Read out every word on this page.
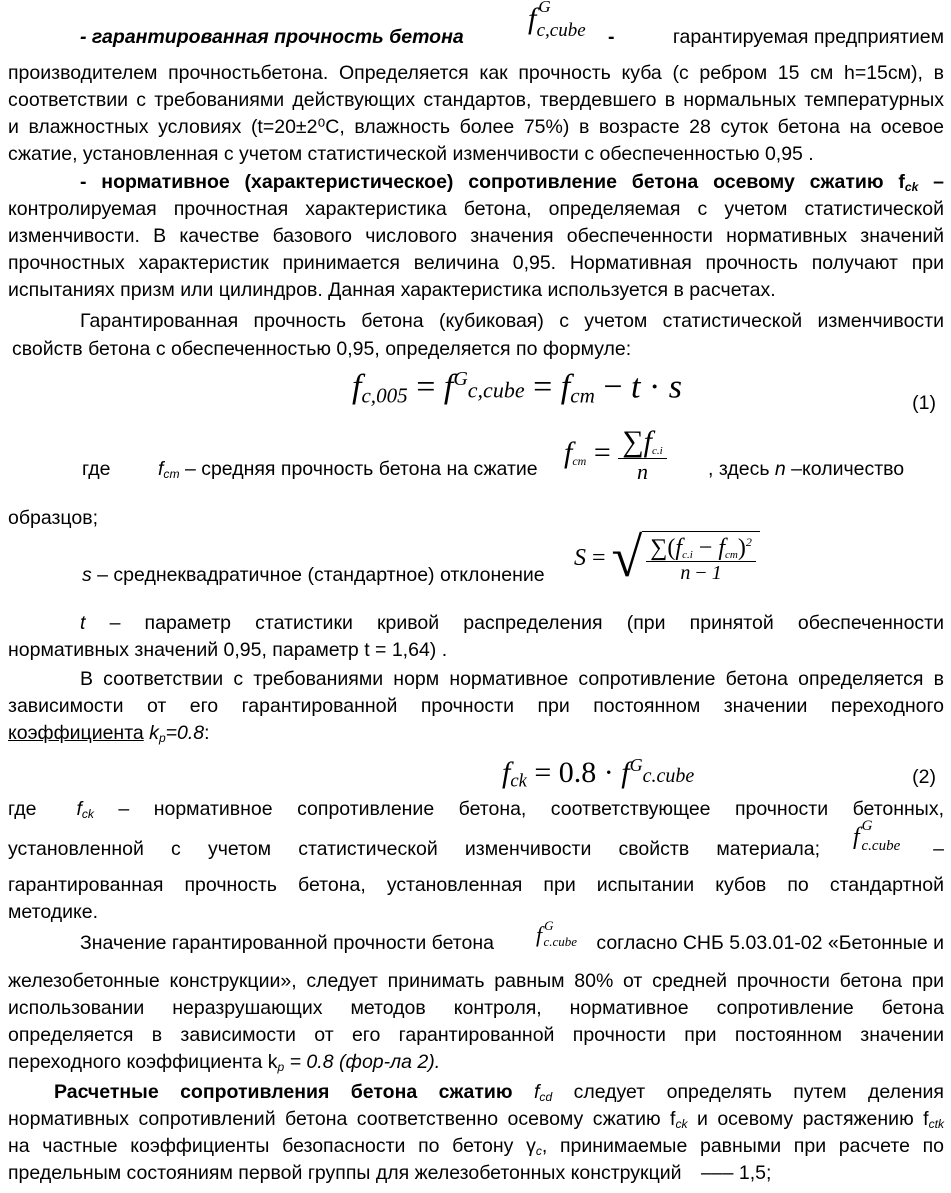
- гарантированная прочность бетона
f $^G_{c,cube}$	-	гарантируемая предприятием
производителем прочностьбетона. Определяется как прочность куба (с ребром 15 см h=15см), в
соответствии с требованиями действующих стандартов, твердевшего в нормальных температурных
и влажностных условиях (t=20±2⁰С, влажность более 75%) в возрасте 28 суток бетона на осевое
сжатие, установленная с учетом статистической изменчивости с обеспеченностью 0,95 .
- нормативное (характеристическое) сопротивление бетона осевому сжатию $f_{ck}$ –
контролируемая прочностная характеристика бетона, определяемая с учетом статистической
изменчивости. В качестве базового числового значения обеспеченности нормативных значений
прочностных характеристик принимается величина 0,95. Нормативная прочность получают при
испытаниях призм или цилиндров. Данная характеристика используется в расчетах.
Гарантированная прочность бетона (кубиковая) с учетом статистической изменчивости
свойств бетона с обеспеченностью 0,95, определяется по формуле:
$f_{c,005}$ = $f^Gc,cube = f_{cm} - t \cdot s$	(1)
где $f_{cm}$ – средняя прочность бетона на сжатие
$f_{cm} = \frac{\sum f_{c.i}}{n}$ , здесь n –количество
образцов;
s – среднеквадратичное (стандартное) отклонение
S = √ $\frac{\sum(f_{c.i} - f_{cm})^2}{n - 1}$
t – параметр статистики кривой распределения (при принятой обеспеченности
нормативных значений 0,95, параметр t = 1,64) .
В соответствии с требованиями норм нормативное сопротивление бетона определяется в
зависимости от его гарантированной прочности при постоянном значении переходного
коэффициента $k_p=0.8$:
$f_{ck} = 0.8$ · $f^Gc.cube$	(2)
где $f_{ck}$ – нормативное сопротивление бетона, соответствующее прочности бетонных,
установленной с учетом статистической изменчивости свойств материала; f $^G_{c.cube}$	–
гарантированная прочность бетона, установленная при испытании кубов по стандартной
методике.
Значение гарантированной прочности бетона f $^G$c.cube согласно СНБ 5.03.01-02 «Бетонные и
железобетонные конструкции», следует принимать равным 80% от средней прочности бетона при
использовании неразрушающих методов контроля, нормативное сопротивление бетона
определяется в зависимости от его гарантированной прочности при постоянном значении
переходного коэффициента $k_p = 0.8$ (фор-ла 2).
Расчетные сопротивления бетона сжатию $f_{cd}$ следует определять путем деления
нормативных сопротивлений бетона соответственно осевому сжатию $f_{ck}$ и осевому растяжению $f_{ctk}$
на частные коэффициенты безопасности по бетону $\gamma_c$, принимаемые равными при расчете по
предельным состояниям первой группы для железобетонных конструкций ––– 1,5;
